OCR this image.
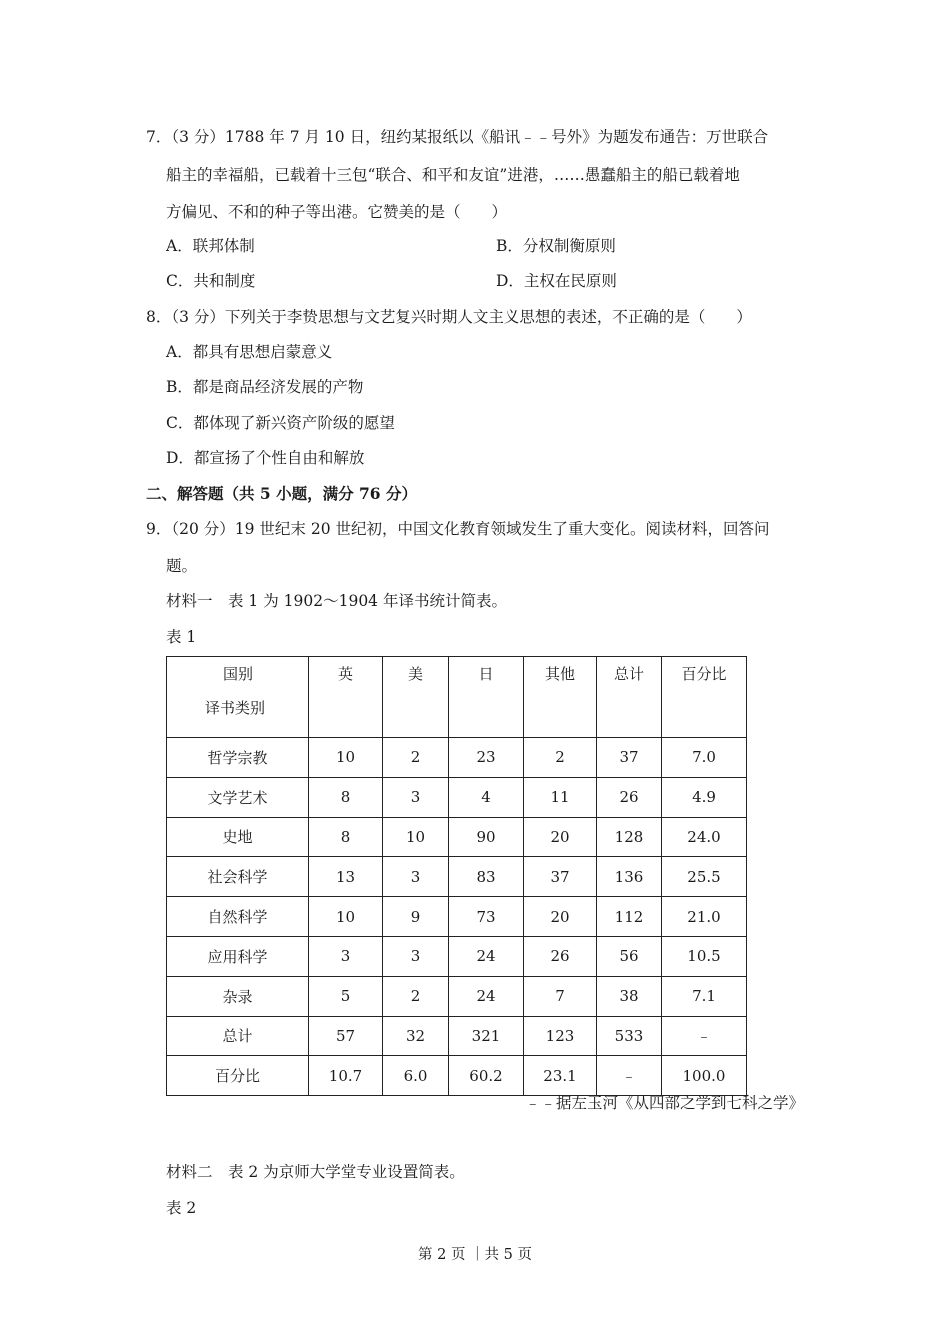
7．（3 分）1788 年 7 月 10 日，纽约某报纸以《船讯﹣﹣号外》为题发布通告：万世联合
船主的幸福船，已载着十三包“联合、和平和友谊”进港，……愚蠢船主的船已载着地
方偏见、不和的种子等出港。它赞美的是（　　）
A．联邦体制	B．分权制衡原则
C．共和制度	D．主权在民原则
8．（3 分）下列关于李贽思想与文艺复兴时期人文主义思想的表述，不正确的是（　　）
A．都具有思想启蒙意义
B．都是商品经济发展的产物
C．都体现了新兴资产阶级的愿望
D．都宣扬了个性自由和解放
二、解答题（共 5 小题，满分 76 分）
9．（20 分）19 世纪末 20 世纪初，中国文化教育领域发生了重大变化。阅读材料，回答问
题。
材料一　表 1 为 1902～1904 年译书统计简表。
表 1
国别
译书类别	英	美	日	其他	总计	百分比
哲学宗教	10	2	23	2	37	7.0
文学艺术	8	3	4	11	26	4.9
史地	8	10	90	20	128	24.0
社会科学	13	3	83	37	136	25.5
自然科学	10	9	73	20	112	21.0
应用科学	3	3	24	26	56	10.5
杂录	5	2	24	7	38	7.1
总计	57	32	321	123	533	﹣
百分比	10.7	6.0	60.2	23.1	﹣	100.0
﹣﹣据左玉河《从四部之学到七科之学》
材料二　表 2 为京师大学堂专业设置简表。
表 2
第 2 页 ｜共 5 页
